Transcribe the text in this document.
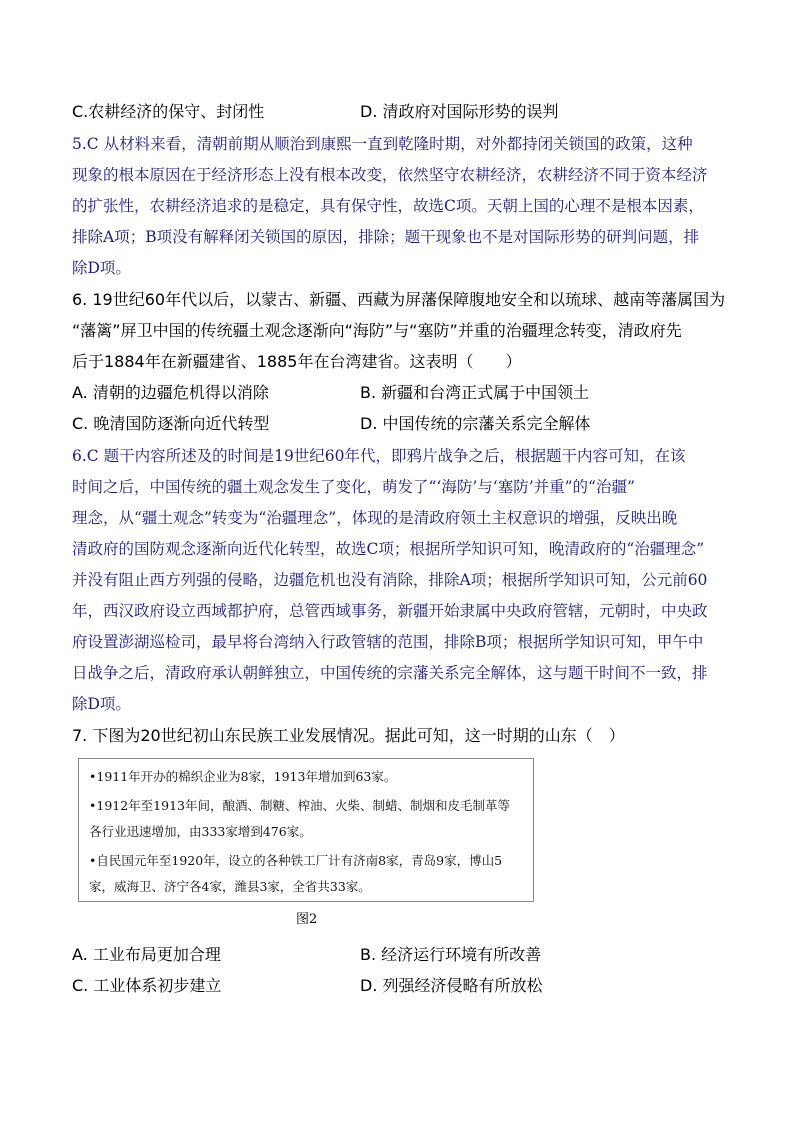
C.农耕经济的保守、封闭性	D. 清政府对国际形势的误判
5.C 从材料来看，清朝前期从顺治到康熙一直到乾隆时期，对外都持闭关锁国的政策，这种
现象的根本原因在于经济形态上没有根本改变，依然坚守农耕经济，农耕经济不同于资本经济
的扩张性，农耕经济追求的是稳定，具有保守性，故选C项。天朝上国的心理不是根本因素，
排除A项；B项没有解释闭关锁国的原因，排除；题干现象也不是对国际形势的研判问题，排
除D项。
6. 19世纪60年代以后，以蒙古、新疆、西藏为屏藩保障腹地安全和以琉球、越南等藩属国为
“藩篱”屏卫中国的传统疆土观念逐渐向“海防”与“塞防”并重的治疆理念转变，清政府先
后于1884年在新疆建省、1885年在台湾建省。这表明（　　）
A. 清朝的边疆危机得以消除	B. 新疆和台湾正式属于中国领土
C. 晚清国防逐渐向近代转型	D. 中国传统的宗藩关系完全解体
6.C 题干内容所述及的时间是19世纪60年代，即鸦片战争之后，根据题干内容可知，在该
时间之后，中国传统的疆土观念发生了变化，萌发了“‘海防’与‘塞防’并重”的“治疆”
理念，从“疆土观念”转变为“治疆理念”，体现的是清政府领土主权意识的增强，反映出晚
清政府的国防观念逐渐向近代化转型，故选C项；根据所学知识可知，晚清政府的“治疆理念”
并没有阻止西方列强的侵略，边疆危机也没有消除，排除A项；根据所学知识可知，公元前60
年，西汉政府设立西域都护府，总管西域事务，新疆开始隶属中央政府管辖，元朝时，中央政
府设置澎湖巡检司，最早将台湾纳入行政管辖的范围，排除B项；根据所学知识可知，甲午中
日战争之后，清政府承认朝鲜独立，中国传统的宗藩关系完全解体，这与题干时间不一致，排
除D项。
7. 下图为20世纪初山东民族工业发展情况。据此可知，这一时期的山东（　）
•1911年开办的棉织企业为8家，1913年增加到63家。
•1912年至1913年间，酿酒、制糖、榨油、火柴、制蜡、制烟和皮毛制革等
各行业迅速增加，由333家增到476家。
•自民国元年至1920年，设立的各种铁工厂计有济南8家，青岛9家，博山5
家，威海卫、济宁各4家，潍县3家，全省共33家。
图2
A. 工业布局更加合理	B. 经济运行环境有所改善
C. 工业体系初步建立	D. 列强经济侵略有所放松
